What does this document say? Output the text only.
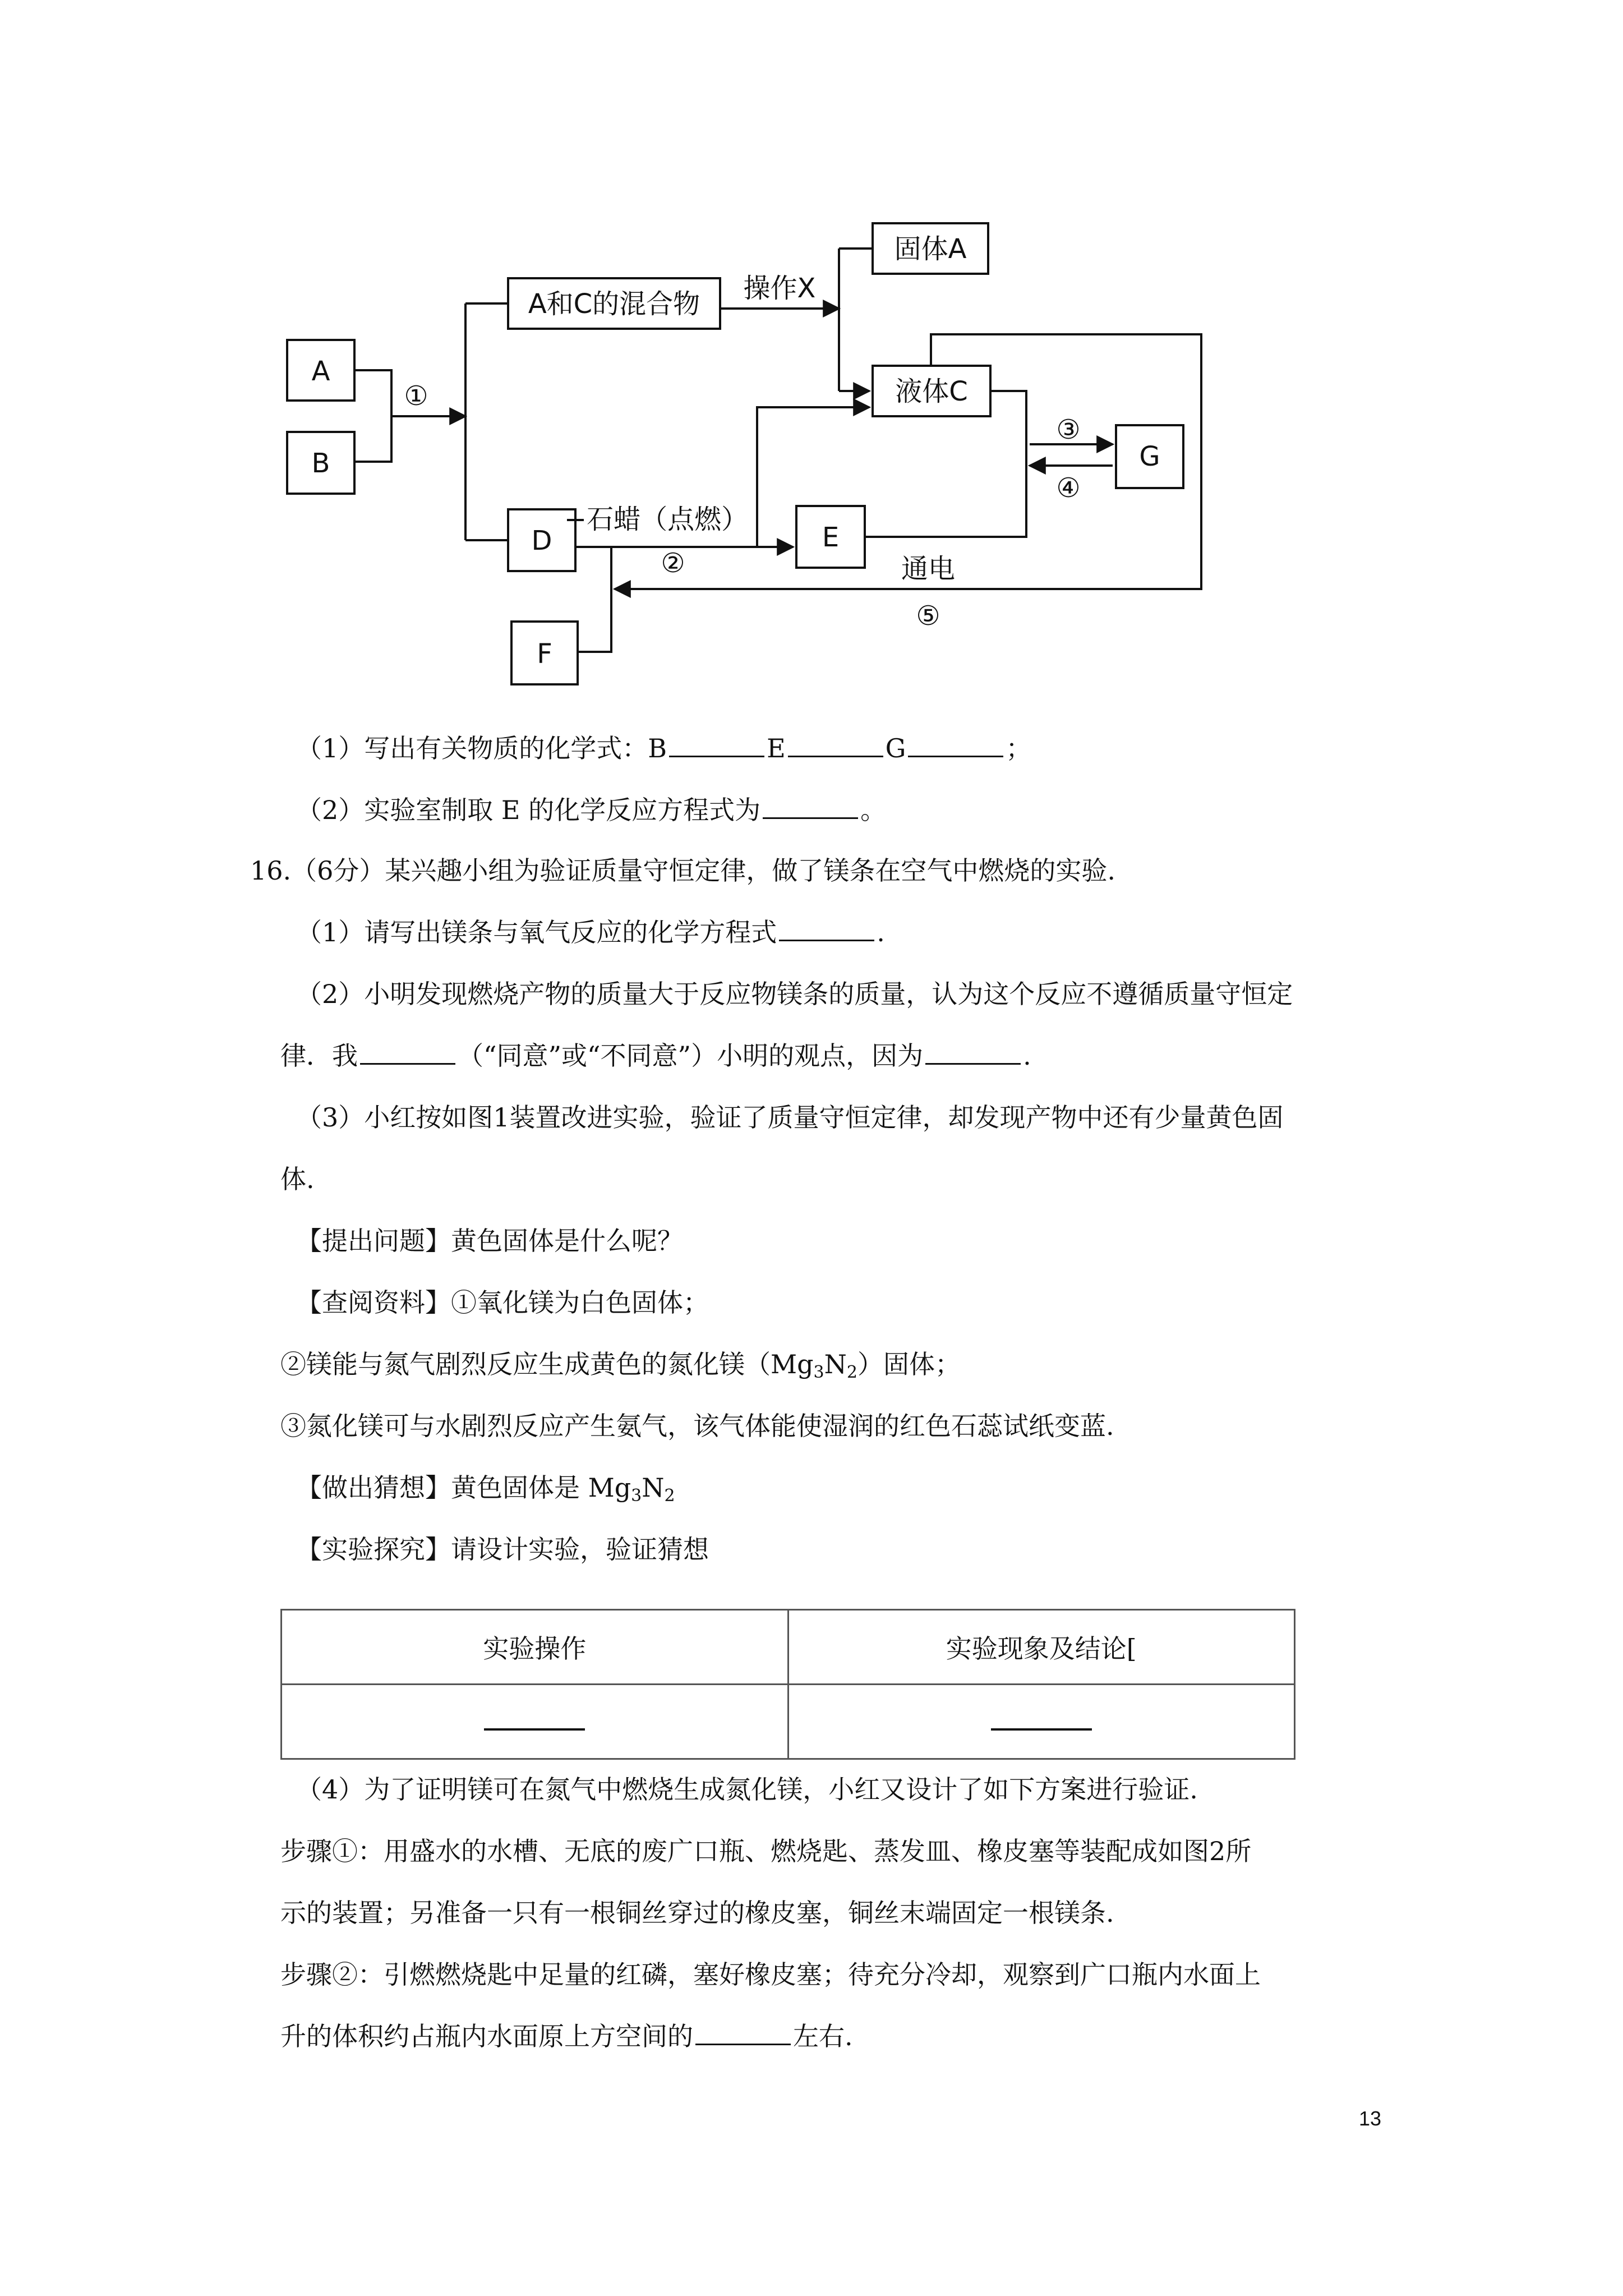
A
B
A和C的混合物
固体A
液体C
D	E
G
F
①
操作X
+石蜡（点燃）
②
③
④
通电
⑤
（1）写出有关物质的化学式：B	E	G	；
（2）实验室制取 E 的化学反应方程式为	。
16.（6分）某兴趣小组为验证质量守恒定律，做了镁条在空气中燃烧的实验.
（1）请写出镁条与氧气反应的化学方程式	.
（2）小明发现燃烧产物的质量大于反应物镁条的质量，认为这个反应不遵循质量守恒定
律．我	（“同意”或“不同意”）小明的观点，因为	.
（3）小红按如图1装置改进实验，验证了质量守恒定律，却发现产物中还有少量黄色固
体.
【提出问题】黄色固体是什么呢？
【查阅资料】①氧化镁为白色固体；
②镁能与氮气剧烈反应生成黄色的氮化镁$(Mg_3N_2)$固体；
③氮化镁可与水剧烈反应产生氨气，该气体能使湿润的红色石蕊试纸变蓝.
【做出猜想】黄色固体是 $Mg_3N_2$
【实验探究】请设计实验，验证猜想
实验操作	实验现象及结论[

（4）为了证明镁可在氮气中燃烧生成氮化镁，小红又设计了如下方案进行验证.
步骤①：用盛水的水槽、无底的废广口瓶、燃烧匙、蒸发皿、橡皮塞等装配成如图2所
示的装置；另准备一只有一根铜丝穿过的橡皮塞，铜丝末端固定一根镁条.
步骤②：引燃燃烧匙中足量的红磷，塞好橡皮塞；待充分冷却，观察到广口瓶内水面上
升的体积约占瓶内水面原上方空间的	左右.
13
